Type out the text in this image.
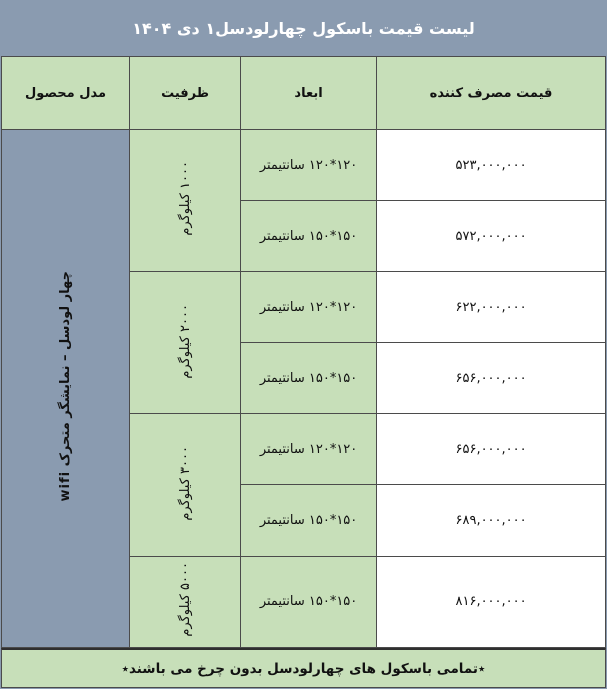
لیست قیمت باسکول چهارلودسل۱ دی ۱۴۰۴
قیمت مصرف کننده	ابعاد	ظرفیت	مدل محصول
۵۲۳,۰۰۰,۰۰۰	۱۲۰*۱۲۰ سانتیمتر	۱۰۰۰ کیلوگرم	چهار لودسل – نمایشگر متحرک wifi
۵۷۲,۰۰۰,۰۰۰	۱۵۰*۱۵۰ سانتیمتر		
۶۲۲,۰۰۰,۰۰۰	۱۲۰*۱۲۰ سانتیمتر	۲۰۰۰ کیلوگرم	
۶۵۶,۰۰۰,۰۰۰	۱۵۰*۱۵۰ سانتیمتر		
۶۵۶,۰۰۰,۰۰۰	۱۲۰*۱۲۰ سانتیمتر	۳۰۰۰ کیلوگرم	
۶۸۹,۰۰۰,۰۰۰	۱۵۰*۱۵۰ سانتیمتر		
۸۱۶,۰۰۰,۰۰۰	۱۵۰*۱۵۰ سانتیمتر	۵۰۰۰ کیلوگرم	
٭تمامی باسکول های چهارلودسل بدون چرخ می باشند٭
